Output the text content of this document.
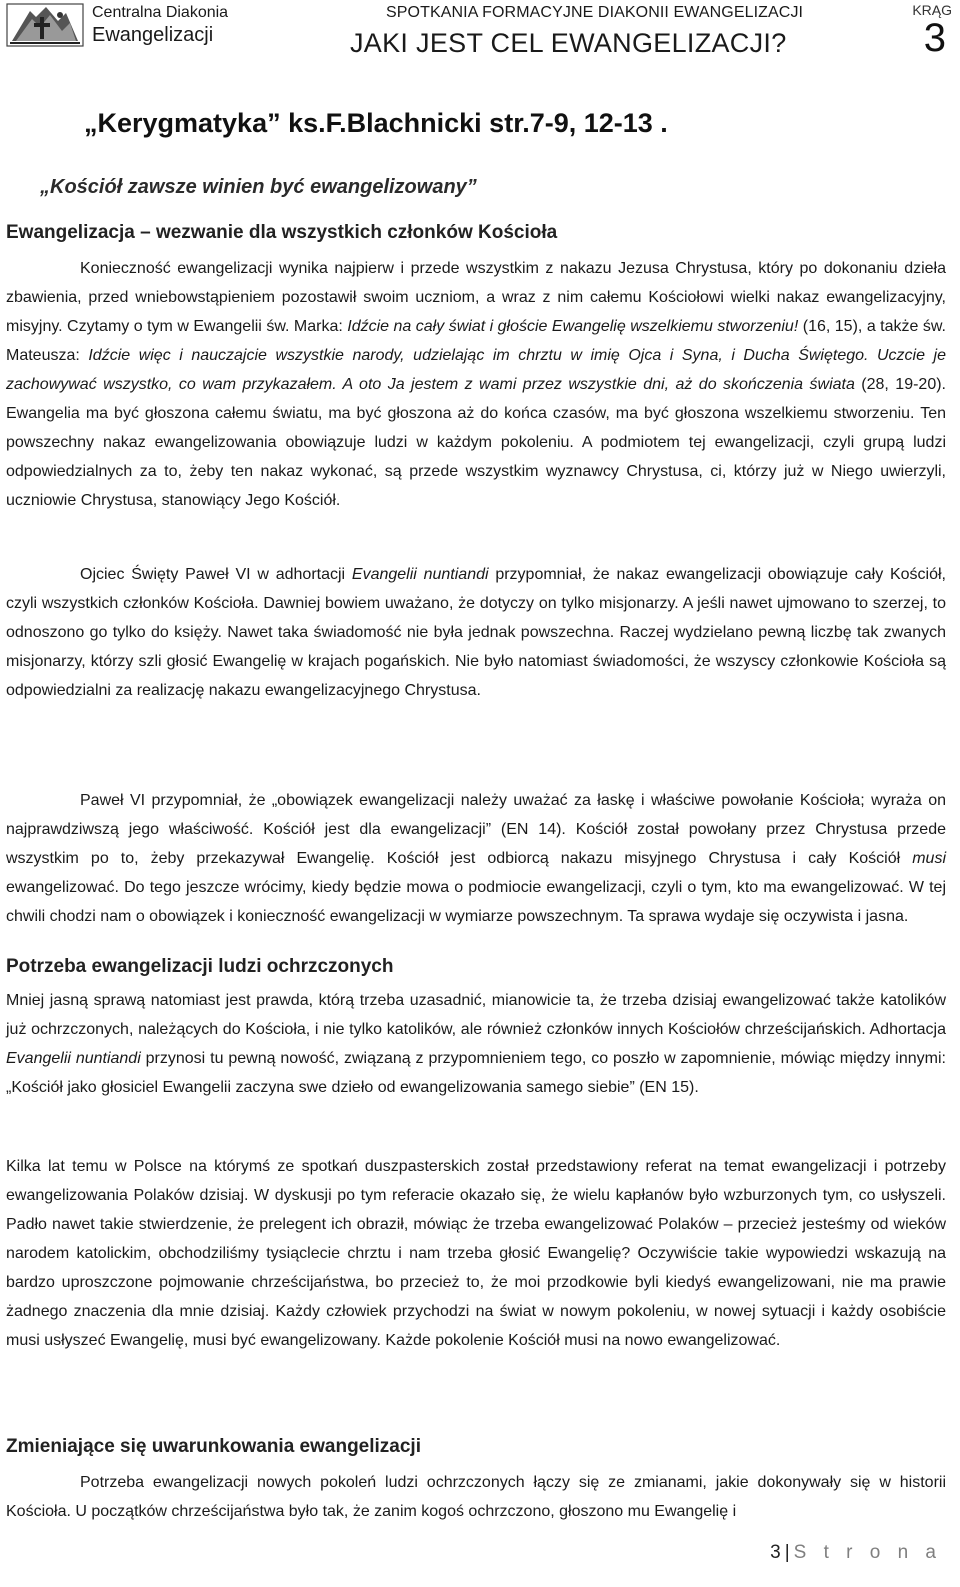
Centralna Diakonia
Ewangelizacji
SPOTKANIA FORMACYJNE DIAKONII EWANGELIZACJI
JAKI JEST CEL EWANGELIZACJI?
KRĄG
3
„Kerygmatyka” ks.F.Blachnicki str.7-9, 12-13 .
„Kościół zawsze winien być ewangelizowany”
Ewangelizacja – wezwanie dla wszystkich członków Kościoła

Konieczność ewangelizacji wynika najpierw i przede wszystkim z nakazu Jezusa Chrystusa, który po dokonaniu dzieła zbawienia, przed wniebowstąpieniem pozostawił swoim uczniom, a wraz z nim całemu Kościołowi wielki nakaz ewangelizacyjny, misyjny. Czytamy o tym w Ewangelii św. Marka: Idźcie na cały świat i głoście Ewangelię wszelkiemu stworzeniu! (16, 15), a także św. Mateusza: Idźcie więc i nauczajcie wszystkie narody, udzielając im chrztu w imię Ojca i Syna, i Ducha Świętego. Uczcie je zachowywać wszystko, co wam przykazałem. A oto Ja jestem z wami przez wszystkie dni, aż do skończenia świata (28, 19-20). Ewangelia ma być głoszona całemu światu, ma być głoszona aż do końca czasów, ma być głoszona wszelkiemu stworzeniu. Ten powszechny nakaz ewangelizowania obowiązuje ludzi w każdym pokoleniu. A podmiotem tej ewangelizacji, czyli grupą ludzi odpowiedzialnych za to, żeby ten nakaz wykonać, są przede wszystkim wyznawcy Chrystusa, ci, którzy już w Niego uwierzyli, uczniowie Chrystusa, stanowiący Jego Kościół.

Ojciec Święty Paweł VI w adhortacji Evangelii nuntiandi przypomniał, że nakaz ewangelizacji obowiązuje cały Kościół, czyli wszystkich członków Kościoła. Dawniej bowiem uważano, że dotyczy on tylko misjonarzy. A jeśli nawet ujmowano to szerzej, to odnoszono go tylko do księży. Nawet taka świadomość nie była jednak powszechna. Raczej wydzielano pewną liczbę tak zwanych misjonarzy, którzy szli głosić Ewangelię w krajach pogańskich. Nie było natomiast świadomości, że wszyscy członkowie Kościoła są odpowiedzialni za realizację nakazu ewangelizacyjnego Chrystusa.

Paweł VI przypomniał, że „obowiązek ewangelizacji należy uważać za łaskę i właściwe powołanie Kościoła; wyraża on najprawdziwszą jego właściwość. Kościół jest dla ewangelizacji” (EN 14). Kościół został powołany przez Chrystusa przede wszystkim po to, żeby przekazywał Ewangelię. Kościół jest odbiorcą nakazu misyjnego Chrystusa i cały Kościół musi ewangelizować. Do tego jeszcze wrócimy, kiedy będzie mowa o podmiocie ewangelizacji, czyli o tym, kto ma ewangelizować. W tej chwili chodzi nam o obowiązek i konieczność ewangelizacji w wymiarze powszechnym. Ta sprawa wydaje się oczywista i jasna.

Potrzeba ewangelizacji ludzi ochrzczonych

Mniej jasną sprawą natomiast jest prawda, którą trzeba uzasadnić, mianowicie ta, że trzeba dzisiaj ewangelizować także katolików już ochrzczonych, należących do Kościoła, i nie tylko katolików, ale również członków innych Kościołów chrześcijańskich. Adhortacja Evangelii nuntiandi przynosi tu pewną nowość, związaną z przypomnieniem tego, co poszło w zapomnienie, mówiąc między innymi: „Kościół jako głosiciel Ewangelii zaczyna swe dzieło od ewangelizowania samego siebie” (EN 15).

Kilka lat temu w Polsce na którymś ze spotkań duszpasterskich został przedstawiony referat na temat ewangelizacji i potrzeby ewangelizowania Polaków dzisiaj. W dyskusji po tym referacie okazało się, że wielu kapłanów było wzburzonych tym, co usłyszeli. Padło nawet takie stwierdzenie, że prelegent ich obraził, mówiąc że trzeba ewangelizować Polaków – przecież jesteśmy od wieków narodem katolickim, obchodziliśmy tysiąclecie chrztu i nam trzeba głosić Ewangelię? Oczywiście takie wypowiedzi wskazują na bardzo uproszczone pojmowanie chrześcijaństwa, bo przecież to, że moi przodkowie byli kiedyś ewangelizowani, nie ma prawie żadnego znaczenia dla mnie dzisiaj. Każdy człowiek przychodzi na świat w nowym pokoleniu, w nowej sytuacji i każdy osobiście musi usłyszeć Ewangelię, musi być ewangelizowany. Każde pokolenie Kościół musi na nowo ewangelizować.

Zmieniające się uwarunkowania ewangelizacji

Potrzeba ewangelizacji nowych pokoleń ludzi ochrzczonych łączy się ze zmianami, jakie dokonywały się w historii Kościoła. U początków chrześcijaństwa było tak, że zanim kogoś ochrzczono, głoszono mu Ewangelię i

3 | S t r o n a
